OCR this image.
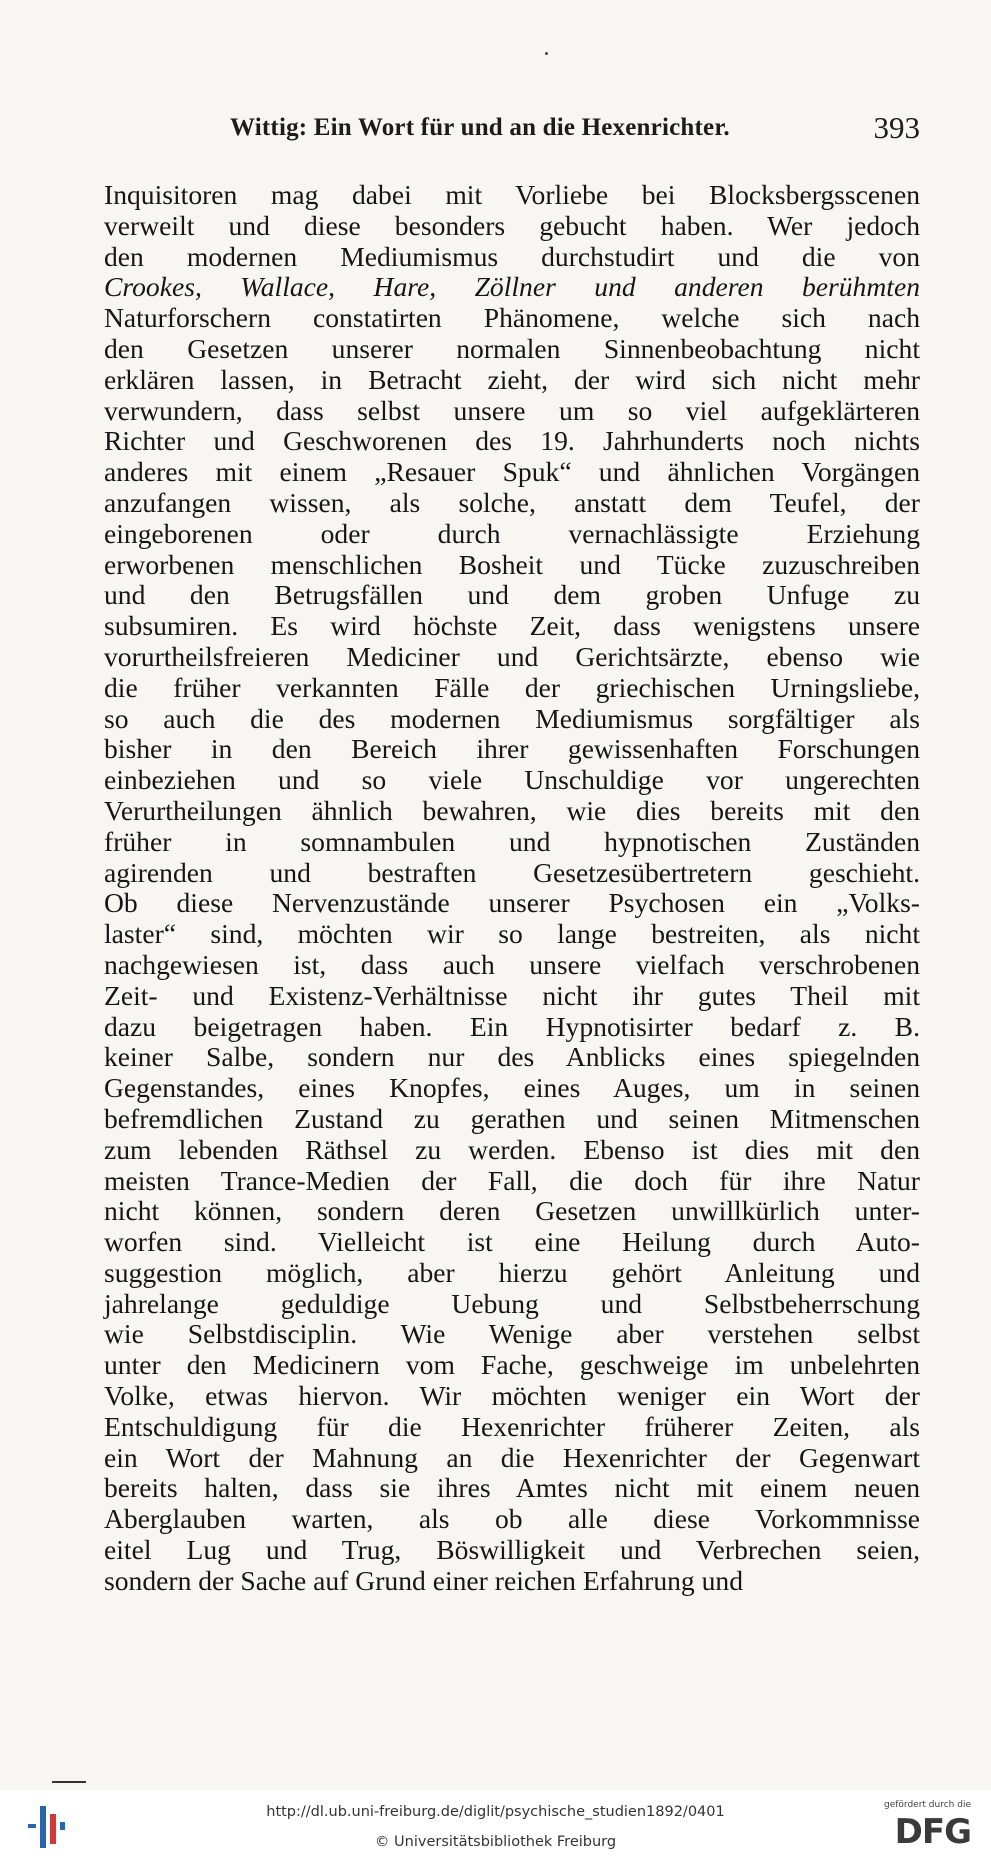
Wittig: Ein Wort für und an die Hexenrichter.	393
Inquisitoren mag dabei mit Vorliebe bei Blocksbergsscenen
verweilt und diese besonders gebucht haben. Wer jedoch
den modernen Mediumismus durchstudirt und die von
Crookes, Wallace, Hare, Zöllner und anderen berühmten
Naturforschern constatirten Phänomene, welche sich nach
den Gesetzen unserer normalen Sinnenbeobachtung nicht
erklären lassen, in Betracht zieht, der wird sich nicht mehr
verwundern, dass selbst unsere um so viel aufgeklärteren
Richter und Geschworenen des 19. Jahrhunderts noch nichts
anderes mit einem „Resauer Spuk“ und ähnlichen Vorgängen
anzufangen wissen, als solche, anstatt dem Teufel, der
eingeborenen oder durch vernachlässigte Erziehung
erworbenen menschlichen Bosheit und Tücke zuzuschreiben
und den Betrugsfällen und dem groben Unfuge zu
subsumiren. Es wird höchste Zeit, dass wenigstens unsere
vorurtheilsfreieren Mediciner und Gerichtsärzte, ebenso wie
die früher verkannten Fälle der griechischen Urningsliebe,
so auch die des modernen Mediumismus sorgfältiger als
bisher in den Bereich ihrer gewissenhaften Forschungen
einbeziehen und so viele Unschuldige vor ungerechten
Verurtheilungen ähnlich bewahren, wie dies bereits mit den
früher in somnambulen und hypnotischen Zuständen
agirenden und bestraften Gesetzesübertretern geschieht.
Ob diese Nervenzustände unserer Psychosen ein „Volks-
laster“ sind, möchten wir so lange bestreiten, als nicht
nachgewiesen ist, dass auch unsere vielfach verschrobenen
Zeit- und Existenz-Verhältnisse nicht ihr gutes Theil mit
dazu beigetragen haben. Ein Hypnotisirter bedarf z. B.
keiner Salbe, sondern nur des Anblicks eines spiegelnden
Gegenstandes, eines Knopfes, eines Auges, um in seinen
befremdlichen Zustand zu gerathen und seinen Mitmenschen
zum lebenden Räthsel zu werden. Ebenso ist dies mit den
meisten Trance-Medien der Fall, die doch für ihre Natur
nicht können, sondern deren Gesetzen unwillkürlich unter-
worfen sind. Vielleicht ist eine Heilung durch Auto-
suggestion möglich, aber hierzu gehört Anleitung und
jahrelange geduldige Uebung und Selbstbeherrschung
wie Selbstdisciplin. Wie Wenige aber verstehen selbst
unter den Medicinern vom Fache, geschweige im unbelehrten
Volke, etwas hiervon. Wir möchten weniger ein Wort der
Entschuldigung für die Hexenrichter früherer Zeiten, als
ein Wort der Mahnung an die Hexenrichter der Gegenwart
bereits halten, dass sie ihres Amtes nicht mit einem neuen
Aberglauben warten, als ob alle diese Vorkommnisse
eitel Lug und Trug, Böswilligkeit und Verbrechen seien,
sondern der Sache auf Grund einer reichen Erfahrung und
http://dl.ub.uni-freiburg.de/diglit/psychische_studien1892/0401
© Universitätsbibliothek Freiburg
gefördert durch die
DFG
